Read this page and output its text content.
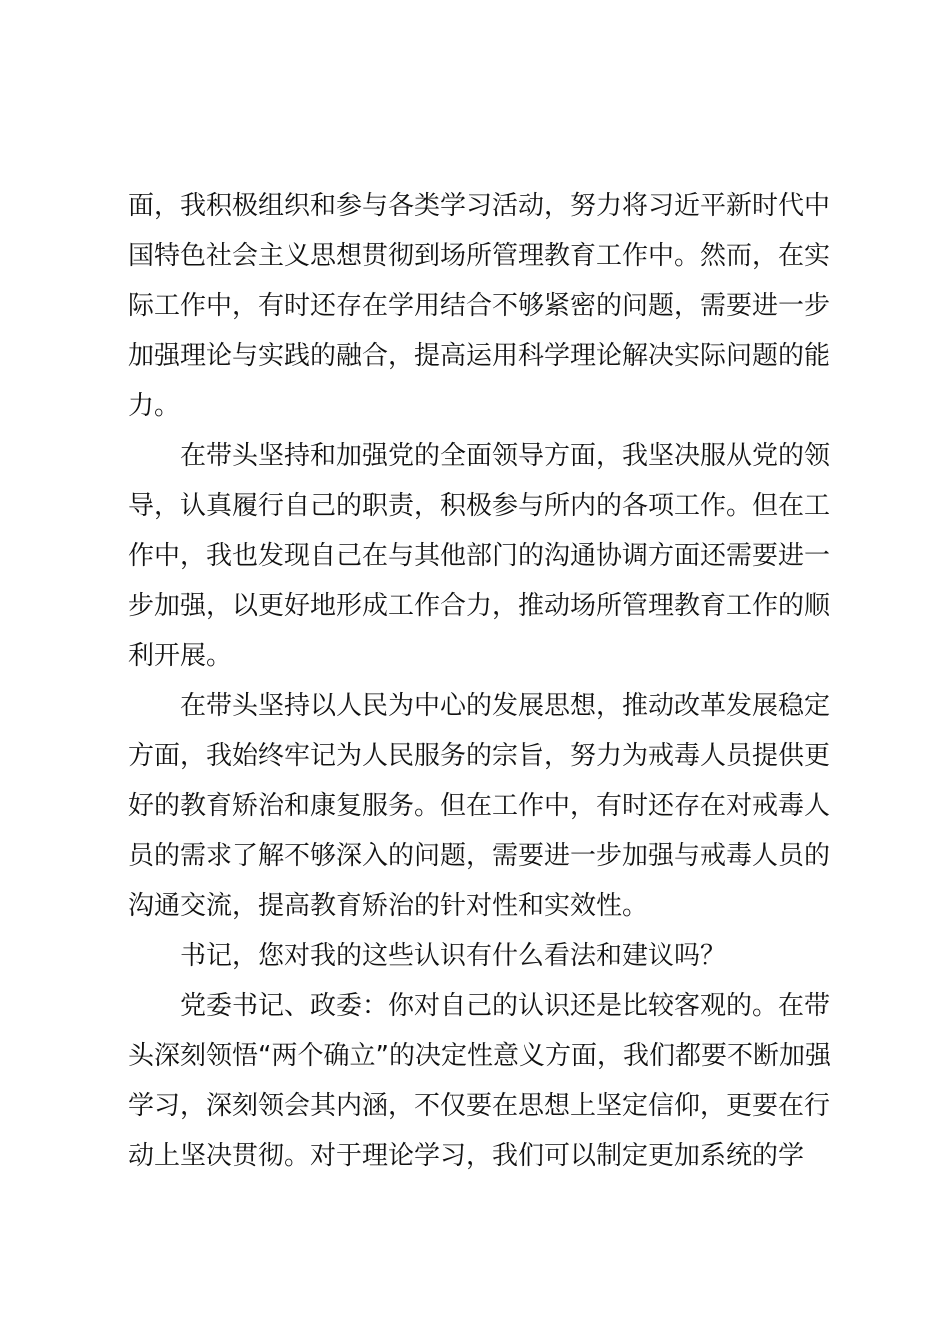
面，我积极组织和参与各类学习活动，努力将习近平新时代中国特色社会主义思想贯彻到场所管理教育工作中。然而，在实际工作中，有时还存在学用结合不够紧密的问题，需要进一步加强理论与实践的融合，提高运用科学理论解决实际问题的能力。

在带头坚持和加强党的全面领导方面，我坚决服从党的领导，认真履行自己的职责，积极参与所内的各项工作。但在工作中，我也发现自己在与其他部门的沟通协调方面还需要进一步加强，以更好地形成工作合力，推动场所管理教育工作的顺利开展。

在带头坚持以人民为中心的发展思想，推动改革发展稳定方面，我始终牢记为人民服务的宗旨，努力为戒毒人员提供更好的教育矫治和康复服务。但在工作中，有时还存在对戒毒人员的需求了解不够深入的问题，需要进一步加强与戒毒人员的沟通交流，提高教育矫治的针对性和实效性。

书记，您对我的这些认识有什么看法和建议吗？

党委书记、政委：你对自己的认识还是比较客观的。在带头深刻领悟“两个确立”的决定性意义方面，我们都要不断加强学习，深刻领会其内涵，不仅要在思想上坚定信仰，更要在行动上坚决贯彻。对于理论学习，我们可以制定更加系统的学
